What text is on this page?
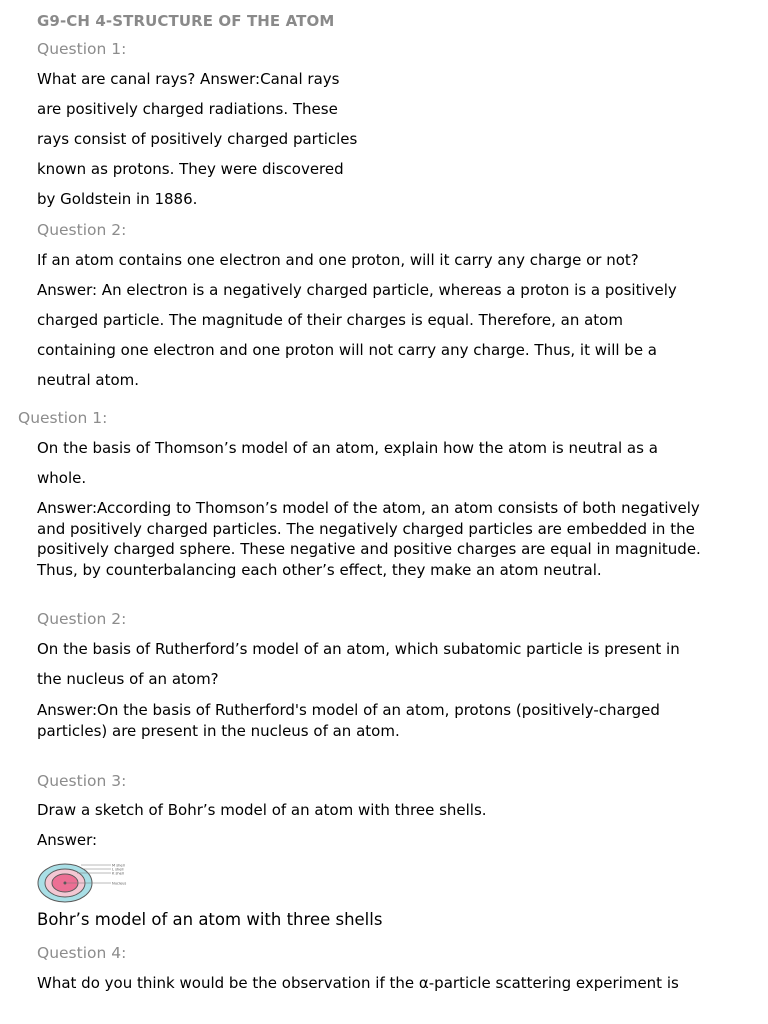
G9-CH 4-STRUCTURE OF THE ATOM
Question 1:
What are canal rays? Answer:Canal rays
are positively charged radiations. These
rays consist of positively charged particles
known as protons. They were discovered
by Goldstein in 1886.
Question 2:
If an atom contains one electron and one proton, will it carry any charge or not?
Answer: An electron is a negatively charged particle, whereas a proton is a positively
charged particle. The magnitude of their charges is equal. Therefore, an atom
containing one electron and one proton will not carry any charge. Thus, it will be a
neutral atom.
Question 1:
On the basis of Thomson’s model of an atom, explain how the atom is neutral as a
whole.
Answer:According to Thomson’s model of the atom, an atom consists of both negatively
and positively charged particles. The negatively charged particles are embedded in the
positively charged sphere. These negative and positive charges are equal in magnitude.
Thus, by counterbalancing each other’s effect, they make an atom neutral.
Question 2:
On the basis of Rutherford’s model of an atom, which subatomic particle is present in
the nucleus of an atom?
Answer:On the basis of Rutherford's model of an atom, protons (positively-charged
particles) are present in the nucleus of an atom.
Question 3:
Draw a sketch of Bohr’s model of an atom with three shells.
Answer:
M shell
L shell
K shell
Nucleus
Bohr’s model of an atom with three shells
Question 4:
What do you think would be the observation if the α-particle scattering experiment is
